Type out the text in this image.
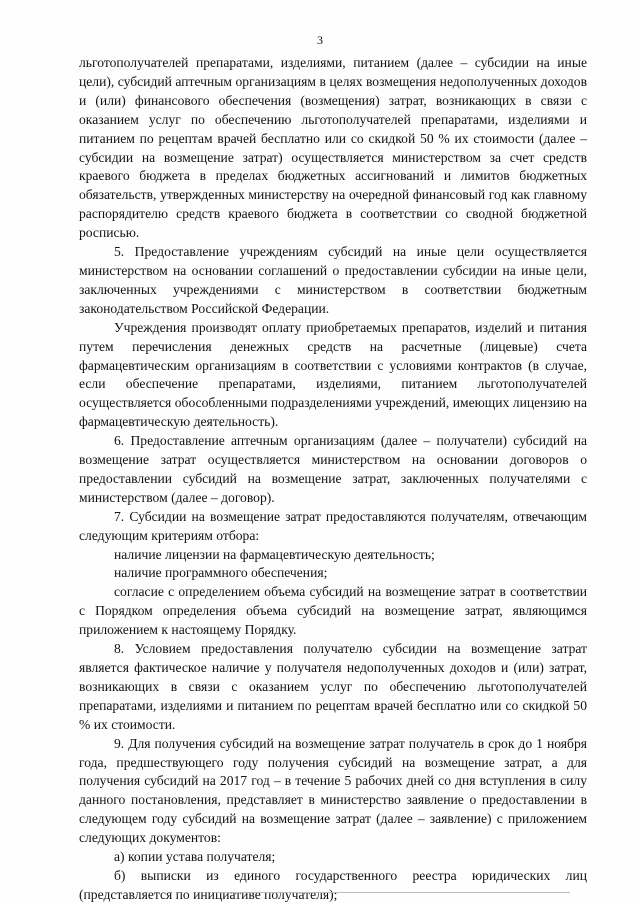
3

льготополучателей препаратами, изделиями, питанием (далее – субсидии на иные цели), субсидий аптечным организациям в целях возмещения недополученных доходов и (или) финансового обеспечения (возмещения) затрат, возникающих в связи с оказанием услуг по обеспечению льготополучателей препаратами, изделиями и питанием по рецептам врачей бесплатно или со скидкой 50 % их стоимости (далее – субсидии на возмещение затрат) осуществляется министерством за счет средств краевого бюджета в пределах бюджетных ассигнований и лимитов бюджетных обязательств, утвержденных министерству на очередной финансовый год как главному распорядителю средств краевого бюджета в соответствии со сводной бюджетной росписью.

5. Предоставление учреждениям субсидий на иные цели осуществляется министерством на основании соглашений о предоставлении субсидии на иные цели, заключенных учреждениями с министерством в соответствии бюджетным законодательством Российской Федерации.

Учреждения производят оплату приобретаемых препаратов, изделий и питания путем перечисления денежных средств на расчетные (лицевые) счета фармацевтическим организациям в соответствии с условиями контрактов (в случае, если обеспечение препаратами, изделиями, питанием льготополучателей осуществляется обособленными подразделениями учреждений, имеющих лицензию на фармацевтическую деятельность).

6. Предоставление аптечным организациям (далее – получатели) субсидий на возмещение затрат осуществляется министерством на основании договоров о предоставлении субсидий на возмещение затрат, заключенных получателями с министерством (далее – договор).

7. Субсидии на возмещение затрат предоставляются получателям, отвечающим следующим критериям отбора:

наличие лицензии на фармацевтическую деятельность;

наличие программного обеспечения;

согласие с определением объема субсидий на возмещение затрат в соответствии с Порядком определения объема субсидий на возмещение затрат, являющимся приложением к настоящему Порядку.

8. Условием предоставления получателю субсидии на возмещение затрат является фактическое наличие у получателя недополученных доходов и (или) затрат, возникающих в связи с оказанием услуг по обеспечению льготополучателей препаратами, изделиями и питанием по рецептам врачей бесплатно или со скидкой 50 % их стоимости.

9. Для получения субсидий на возмещение затрат получатель в срок до 1 ноября года, предшествующего году получения субсидий на возмещение затрат, а для получения субсидий на 2017 год – в течение 5 рабочих дней со дня вступления в силу данного постановления, представляет в министерство заявление о предоставлении в следующем году субсидий на возмещение затрат (далее – заявление) с приложением следующих документов:

а) копии устава получателя;

б) выписки из единого государственного реестра юридических лиц (представляется по инициативе получателя);
